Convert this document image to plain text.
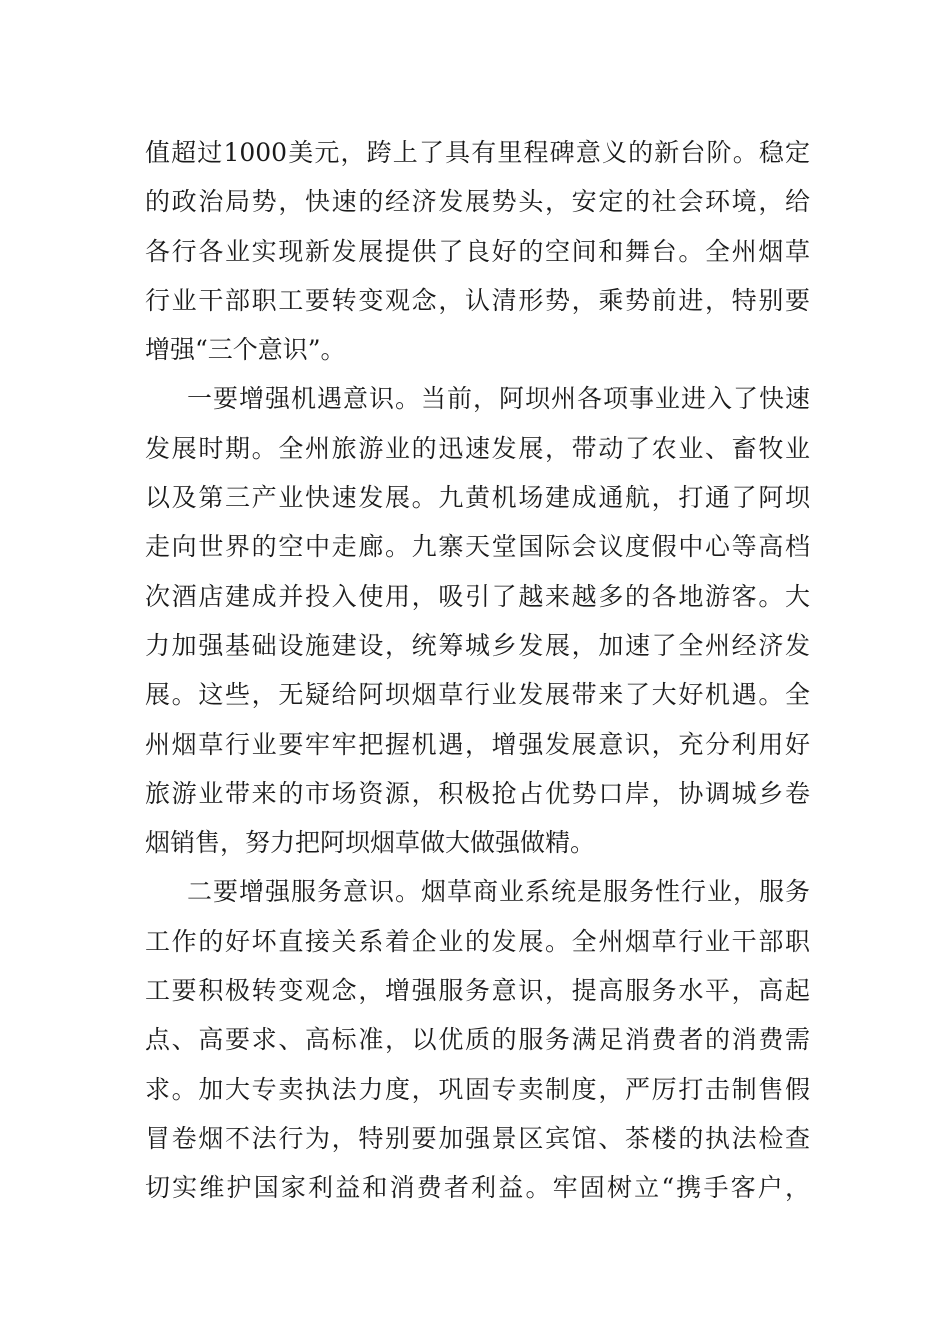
值超过1000美元，跨上了具有里程碑意义的新台阶。稳定
的政治局势，快速的经济发展势头，安定的社会环境，给
各行各业实现新发展提供了良好的空间和舞台。全州烟草
行业干部职工要转变观念，认清形势，乘势前进，特别要
增强“三个意识”。
一要增强机遇意识。当前，阿坝州各项事业进入了快速
发展时期。全州旅游业的迅速发展，带动了农业、畜牧业
以及第三产业快速发展。九黄机场建成通航，打通了阿坝
走向世界的空中走廊。九寨天堂国际会议度假中心等高档
次酒店建成并投入使用，吸引了越来越多的各地游客。大
力加强基础设施建设，统筹城乡发展，加速了全州经济发
展。这些，无疑给阿坝烟草行业发展带来了大好机遇。全
州烟草行业要牢牢把握机遇，增强发展意识，充分利用好
旅游业带来的市场资源，积极抢占优势口岸，协调城乡卷
烟销售，努力把阿坝烟草做大做强做精。
二要增强服务意识。烟草商业系统是服务性行业，服务
工作的好坏直接关系着企业的发展。全州烟草行业干部职
工要积极转变观念，增强服务意识，提高服务水平，高起
点、高要求、高标准，以优质的服务满足消费者的消费需
求。加大专卖执法力度，巩固专卖制度，严厉打击制售假
冒卷烟不法行为，特别要加强景区宾馆、茶楼的执法检查
切实维护国家利益和消费者利益。牢固树立“携手客户，
